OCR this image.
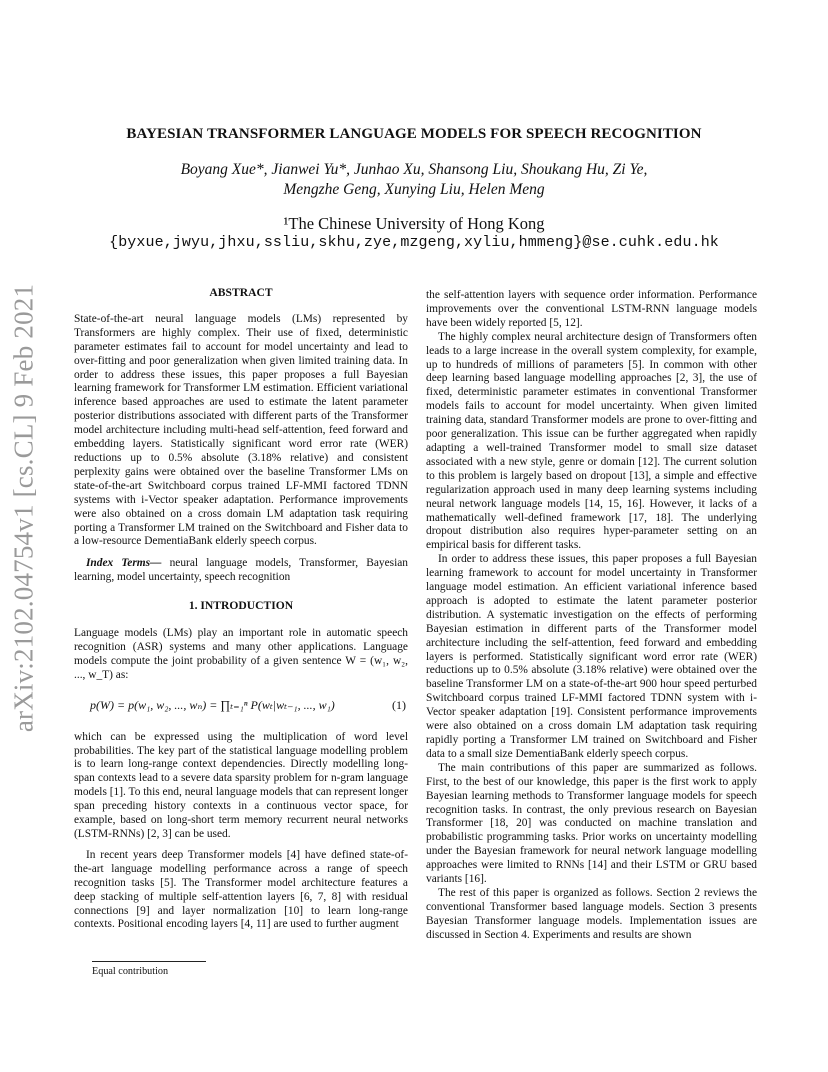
arXiv:2102.04754v1 [cs.CL] 9 Feb 2021
BAYESIAN TRANSFORMER LANGUAGE MODELS FOR SPEECH RECOGNITION
Boyang Xue*, Jianwei Yu*, Junhao Xu, Shansong Liu, Shoukang Hu, Zi Ye,
Mengzhe Geng, Xunying Liu, Helen Meng
¹The Chinese University of Hong Kong
{byxue,jwyu,jhxu,ssliu,skhu,zye,mzgeng,xyliu,hmmeng}@se.cuhk.edu.hk
ABSTRACT

State-of-the-art neural language models (LMs) represented by Transformers are highly complex. Their use of fixed, deterministic parameter estimates fail to account for model uncertainty and lead to over-fitting and poor generalization when given limited training data. In order to address these issues, this paper proposes a full Bayesian learning framework for Transformer LM estimation. Efficient variational inference based approaches are used to estimate the latent parameter posterior distributions associated with different parts of the Transformer model architecture including multi-head self-attention, feed forward and embedding layers. Statistically significant word error rate (WER) reductions up to 0.5% absolute (3.18% relative) and consistent perplexity gains were obtained over the baseline Transformer LMs on state-of-the-art Switchboard corpus trained LF-MMI factored TDNN systems with i-Vector speaker adaptation. Performance improvements were also obtained on a cross domain LM adaptation task requiring porting a Transformer LM trained on the Switchboard and Fisher data to a low-resource DementiaBank elderly speech corpus.

Index Terms— neural language models, Transformer, Bayesian learning, model uncertainty, speech recognition

1. INTRODUCTION

Language models (LMs) play an important role in automatic speech recognition (ASR) systems and many other applications. Language models compute the joint probability of a given sentence W = (w₁, w₂, ..., w_T) as:

p(W) = p(w₁, w₂, ..., wₙ) = ∏ₜ₌₁ⁿ P(wₜ|wₜ₋₁, ..., w₁)	(1)

which can be expressed using the multiplication of word level probabilities. The key part of the statistical language modelling problem is to learn long-range context dependencies. Directly modelling long-span contexts lead to a severe data sparsity problem for n-gram language models [1]. To this end, neural language models that can represent longer span preceding history contexts in a continuous vector space, for example, based on long-short term memory recurrent neural networks (LSTM-RNNs) [2, 3] can be used.

In recent years deep Transformer models [4] have defined state-of-the-art language modelling performance across a range of speech recognition tasks [5]. The Transformer model architecture features a deep stacking of multiple self-attention layers [6, 7, 8] with residual connections [9] and layer normalization [10] to learn long-range contexts. Positional encoding layers [4, 11] are used to further augment

the self-attention layers with sequence order information. Performance improvements over the conventional LSTM-RNN language models have been widely reported [5, 12].

The highly complex neural architecture design of Transformers often leads to a large increase in the overall system complexity, for example, up to hundreds of millions of parameters [5]. In common with other deep learning based language modelling approaches [2, 3], the use of fixed, deterministic parameter estimates in conventional Transformer models fails to account for model uncertainty. When given limited training data, standard Transformer models are prone to over-fitting and poor generalization. This issue can be further aggregated when rapidly adapting a well-trained Transformer model to small size dataset associated with a new style, genre or domain [12]. The current solution to this problem is largely based on dropout [13], a simple and effective regularization approach used in many deep learning systems including neural network language models [14, 15, 16]. However, it lacks of a mathematically well-defined framework [17, 18]. The underlying dropout distribution also requires hyper-parameter setting on an empirical basis for different tasks.

In order to address these issues, this paper proposes a full Bayesian learning framework to account for model uncertainty in Transformer language model estimation. An efficient variational inference based approach is adopted to estimate the latent parameter posterior distribution. A systematic investigation on the effects of performing Bayesian estimation in different parts of the Transformer model architecture including the self-attention, feed forward and embedding layers is performed. Statistically significant word error rate (WER) reductions up to 0.5% absolute (3.18% relative) were obtained over the baseline Transformer LM on a state-of-the-art 900 hour speed perturbed Switchboard corpus trained LF-MMI factored TDNN system with i-Vector speaker adaptation [19]. Consistent performance improvements were also obtained on a cross domain LM adaptation task requiring rapidly porting a Transformer LM trained on Switchboard and Fisher data to a small size DementiaBank elderly speech corpus.

The main contributions of this paper are summarized as follows. First, to the best of our knowledge, this paper is the first work to apply Bayesian learning methods to Transformer language models for speech recognition tasks. In contrast, the only previous research on Bayesian Transformer [18, 20] was conducted on machine translation and probabilistic programming tasks. Prior works on uncertainty modelling under the Bayesian framework for neural network language modelling approaches were limited to RNNs [14] and their LSTM or GRU based variants [16].

The rest of this paper is organized as follows. Section 2 reviews the conventional Transformer based language models. Section 3 presents Bayesian Transformer language models. Implementation issues are discussed in Section 4. Experiments and results are shown

Equal contribution
